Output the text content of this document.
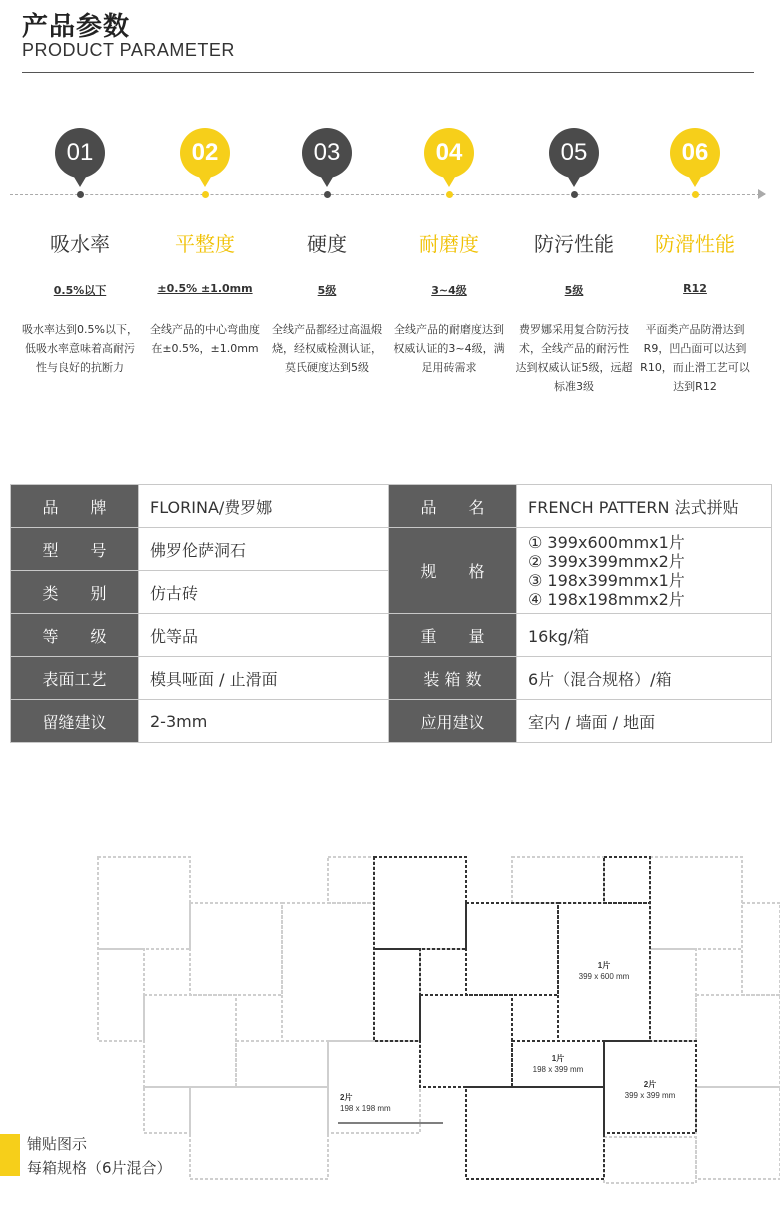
产品参数
PRODUCT PARAMETER
01
吸水率
0.5%以下
吸水率达到0.5%以下，低吸水率意味着高耐污性与良好的抗断力
02
平整度
±0.5% ±1.0mm
全线产品的中心弯曲度在±0.5%，±1.0mm
03
硬度
5级
全线产品都经过高温煅烧，经权威检测认证，莫氏硬度达到5级
04
耐磨度
3~4级
全线产品的耐磨度达到权威认证的3~4级，满足用砖需求
05
防污性能
5级
费罗娜采用复合防污技术，全线产品的耐污性达到权威认证5级，远超标准3级
06
防滑性能
R12
平面类产品防滑达到R9，凹凸面可以达到R10，而止滑工艺可以达到R12
品　　牌	FLORINA/费罗娜	品　　名	FRENCH PATTERN 法式拼贴
型　　号	佛罗伦萨洞石	规　　格	① 399x600mmx1片
② 399x399mmx2片
③ 198x399mmx1片
④ 198x198mmx2片

类　　别	仿古砖		
等　　级	优等品	重　　量	16kg/箱
表面工艺	模具哑面 / 止滑面	装 箱 数	6片（混合规格）/箱
留缝建议	2-3mm	应用建议	室内 / 墙面 / 地面
1片
399 x 600 mm
1片
198 x 399 mm
2片
399 x 399 mm
2片
198 x 198 mm
铺贴图示
每箱规格（6片混合）
